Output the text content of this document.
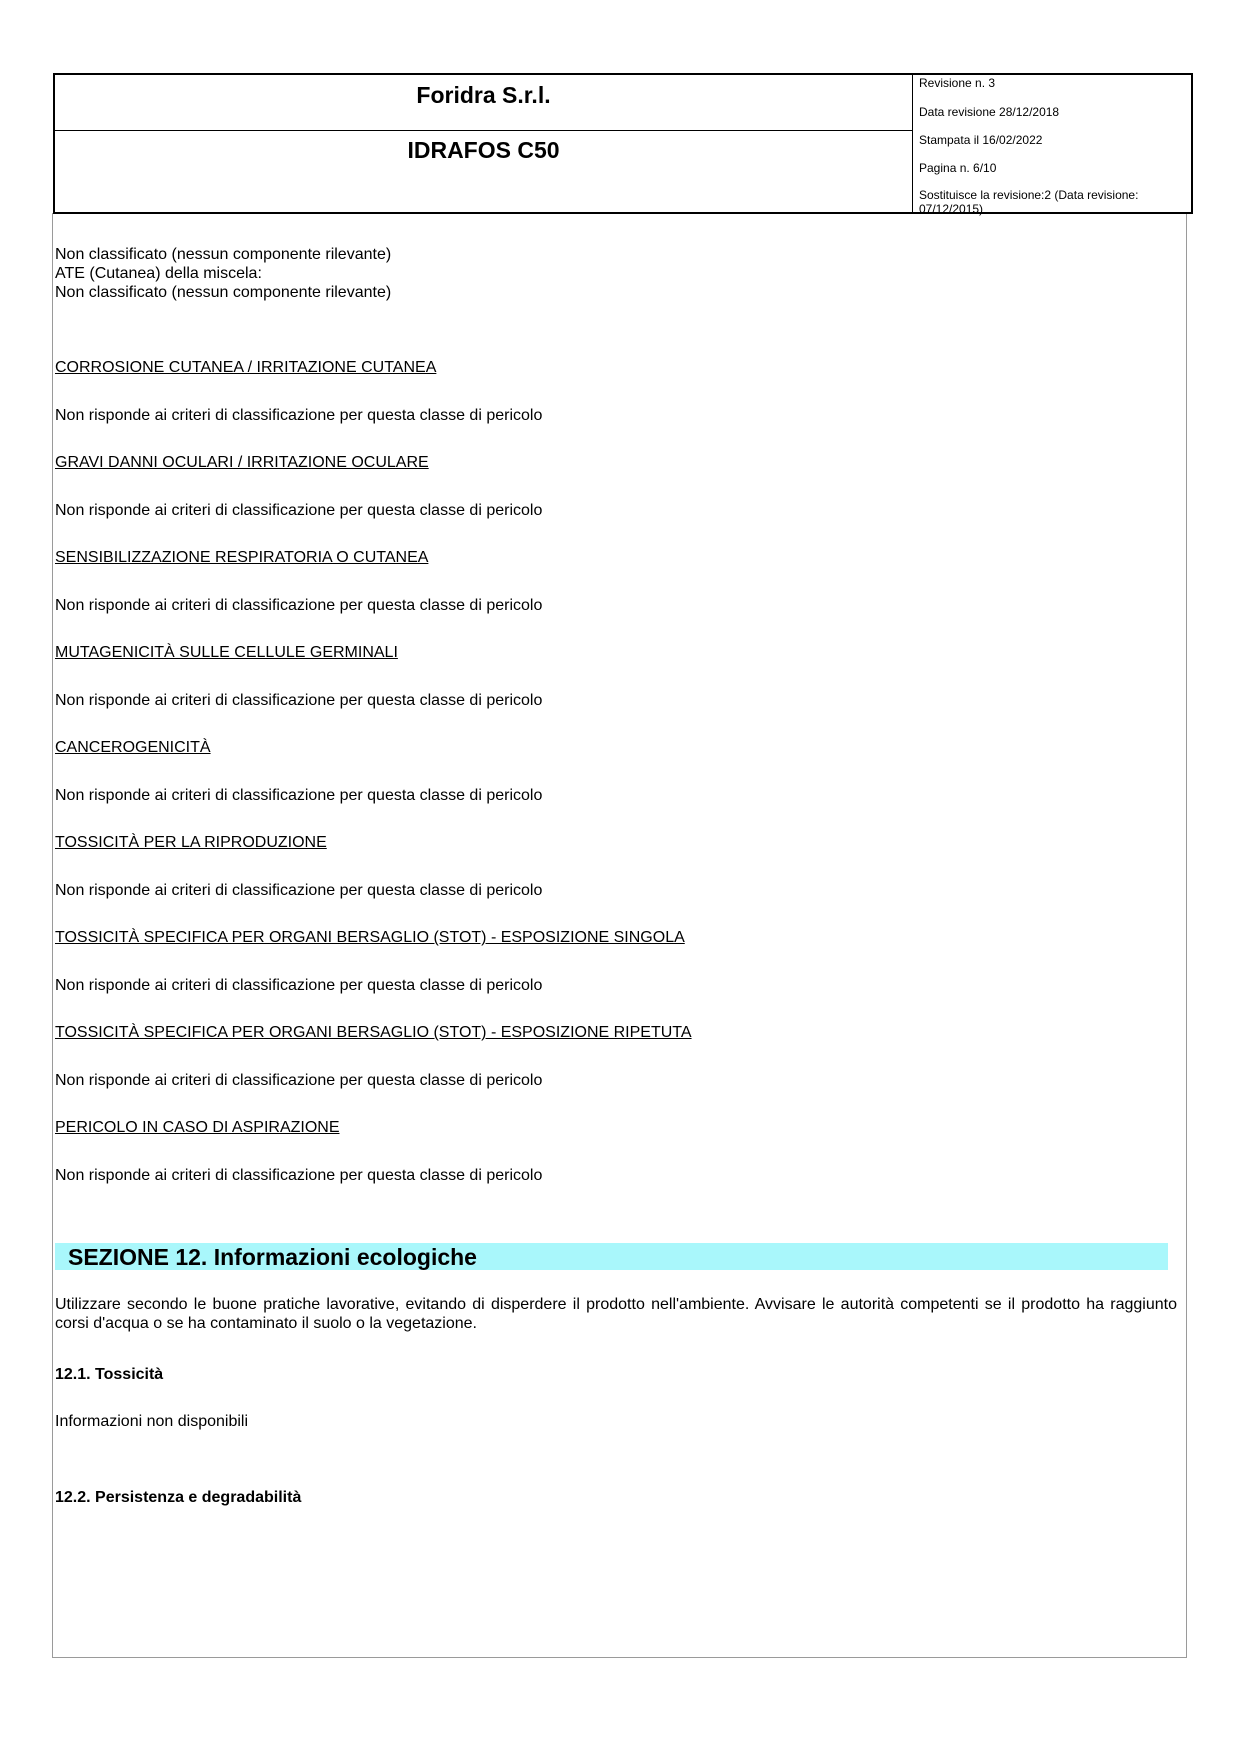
Foridra S.r.l.
IDRAFOS C50
Revisione n. 3
Data revisione 28/12/2018
Stampata il 16/02/2022
Pagina n. 6/10
Sostituisce la revisione:2 (Data revisione:
07/12/2015)
Non classificato (nessun componente rilevante)
ATE (Cutanea) della miscela:
Non classificato (nessun componente rilevante)
CORROSIONE CUTANEA / IRRITAZIONE CUTANEA
Non risponde ai criteri di classificazione per questa classe di pericolo
GRAVI DANNI OCULARI / IRRITAZIONE OCULARE
Non risponde ai criteri di classificazione per questa classe di pericolo
SENSIBILIZZAZIONE RESPIRATORIA O CUTANEA
Non risponde ai criteri di classificazione per questa classe di pericolo
MUTAGENICITÀ SULLE CELLULE GERMINALI
Non risponde ai criteri di classificazione per questa classe di pericolo
CANCEROGENICITÀ
Non risponde ai criteri di classificazione per questa classe di pericolo
TOSSICITÀ PER LA RIPRODUZIONE
Non risponde ai criteri di classificazione per questa classe di pericolo
TOSSICITÀ SPECIFICA PER ORGANI BERSAGLIO (STOT) - ESPOSIZIONE SINGOLA
Non risponde ai criteri di classificazione per questa classe di pericolo
TOSSICITÀ SPECIFICA PER ORGANI BERSAGLIO (STOT) - ESPOSIZIONE RIPETUTA
Non risponde ai criteri di classificazione per questa classe di pericolo
PERICOLO IN CASO DI ASPIRAZIONE
Non risponde ai criteri di classificazione per questa classe di pericolo
SEZIONE 12. Informazioni ecologiche
Utilizzare secondo le buone pratiche lavorative, evitando di disperdere il prodotto nell'ambiente. Avvisare le autorità competenti se il prodotto ha raggiunto corsi d'acqua o se ha contaminato il suolo o la vegetazione.
12.1. Tossicità
Informazioni non disponibili
12.2. Persistenza e degradabilità
